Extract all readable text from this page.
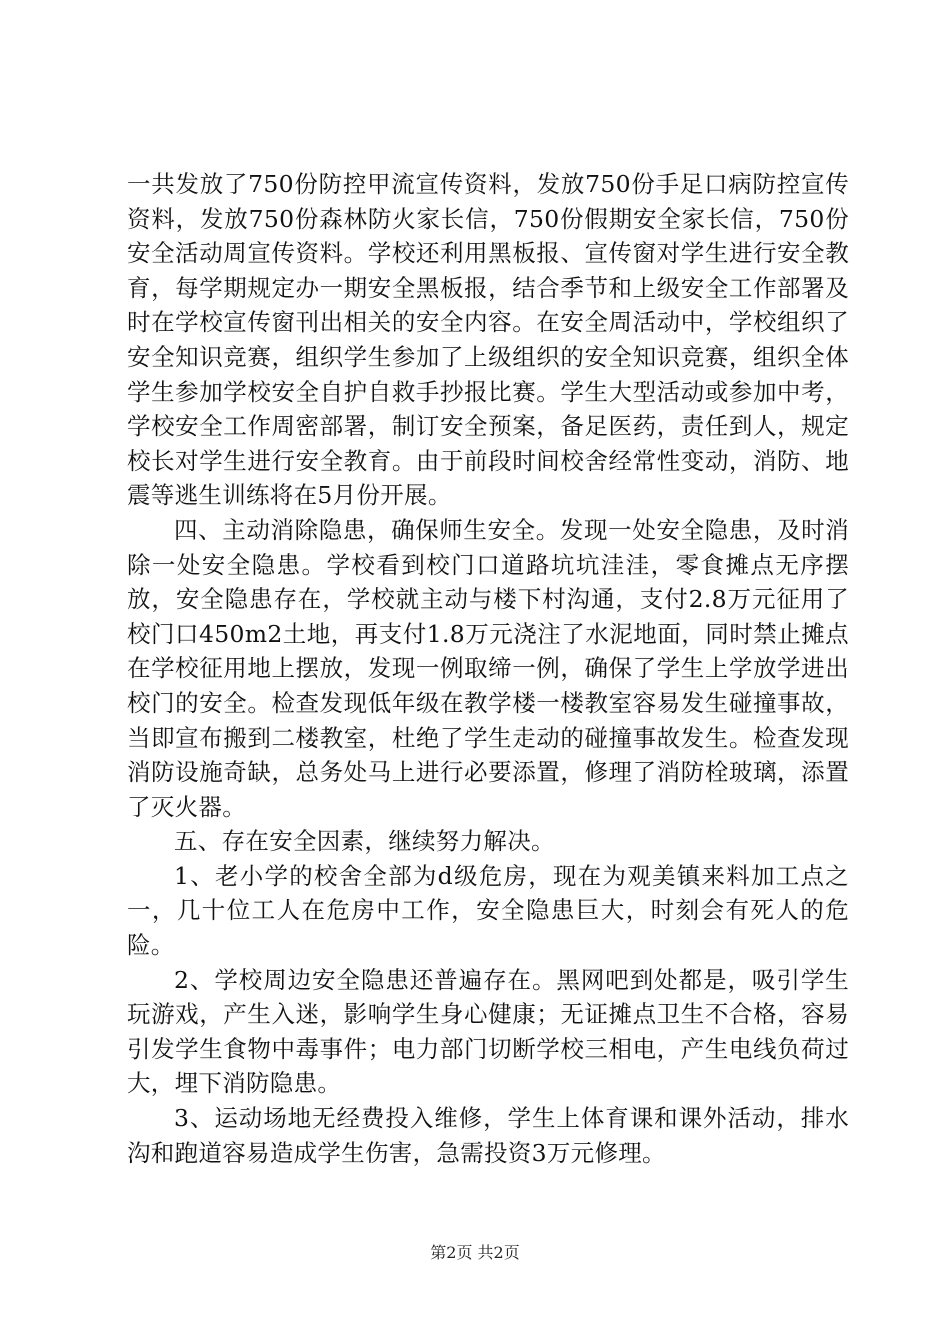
一共发放了750份防控甲流宣传资料，发放750份手足口病防控宣传资料，发放750份森林防火家长信，750份假期安全家长信，750份安全活动周宣传资料。学校还利用黑板报、宣传窗对学生进行安全教育，每学期规定办一期安全黑板报，结合季节和上级安全工作部署及时在学校宣传窗刊出相关的安全内容。在安全周活动中，学校组织了安全知识竞赛，组织学生参加了上级组织的安全知识竞赛，组织全体学生参加学校安全自护自救手抄报比赛。学生大型活动或参加中考，学校安全工作周密部署，制订安全预案，备足医药，责任到人，规定校长对学生进行安全教育。由于前段时间校舍经常性变动，消防、地震等逃生训练将在5月份开展。

四、主动消除隐患，确保师生安全。发现一处安全隐患，及时消除一处安全隐患。学校看到校门口道路坑坑洼洼，零食摊点无序摆放，安全隐患存在，学校就主动与楼下村沟通，支付2.8万元征用了校门口450m2土地，再支付1.8万元浇注了水泥地面，同时禁止摊点在学校征用地上摆放，发现一例取缔一例，确保了学生上学放学进出校门的安全。检查发现低年级在教学楼一楼教室容易发生碰撞事故，当即宣布搬到二楼教室，杜绝了学生走动的碰撞事故发生。检查发现消防设施奇缺，总务处马上进行必要添置，修理了消防栓玻璃，添置了灭火器。

五、存在安全因素，继续努力解决。

1、老小学的校舍全部为d级危房，现在为观美镇来料加工点之一，几十位工人在危房中工作，安全隐患巨大，时刻会有死人的危险。

2、学校周边安全隐患还普遍存在。黑网吧到处都是，吸引学生玩游戏，产生入迷，影响学生身心健康；无证摊点卫生不合格，容易引发学生食物中毒事件；电力部门切断学校三相电，产生电线负荷过大，埋下消防隐患。

3、运动场地无经费投入维修，学生上体育课和课外活动，排水沟和跑道容易造成学生伤害，急需投资3万元修理。

第2页 共2页
